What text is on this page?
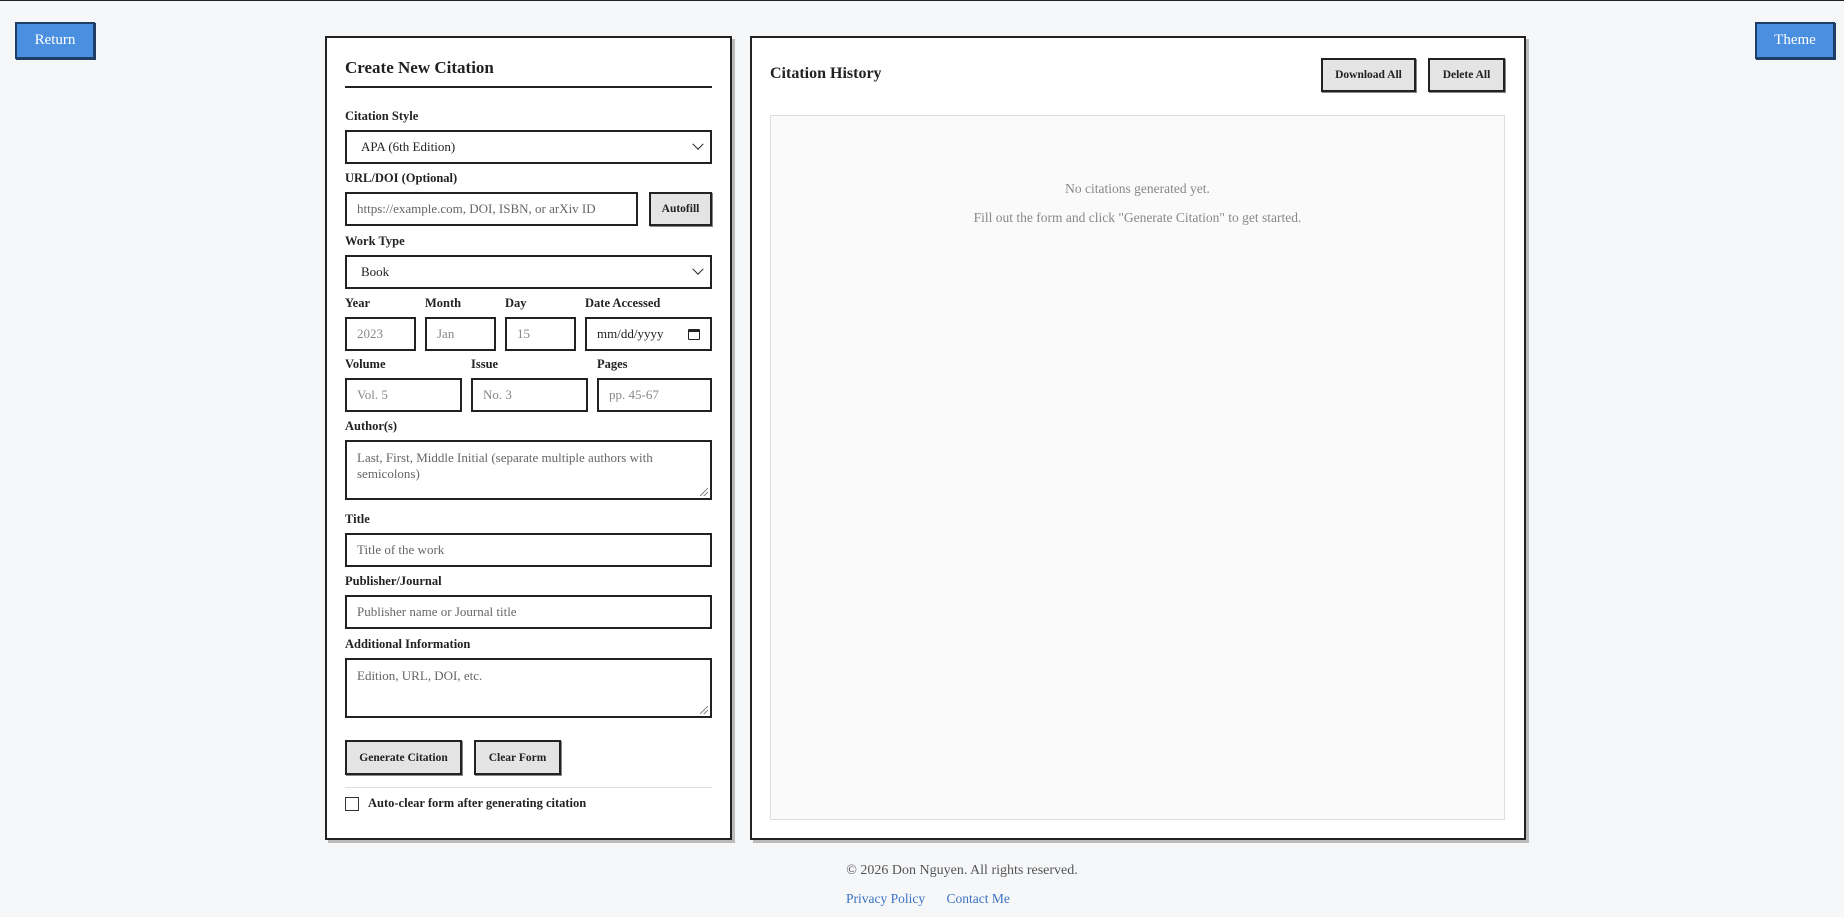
Return	Theme
Create New Citation
Citation Style
APA (6th Edition)
URL/DOI (Optional)
https://example.com, DOI, ISBN, or arXiv ID	Autofill
Work Type
Book
Year	Month	Day	Date Accessed
2023	Jan	15	mm/dd/yyyy
Volume	Issue	Pages
Vol. 5	No. 3	pp. 45-67
Author(s)
Last, First, Middle Initial (separate multiple authors with semicolons)
Title
Title of the work
Publisher/Journal
Publisher name or Journal title
Additional Information
Edition, URL, DOI, etc.
Generate Citation	Clear Form
Auto-clear form after generating citation
Citation History	Download All	Delete All
No citations generated yet.
Fill out the form and click "Generate Citation" to get started.
© 2026 Don Nguyen. All rights reserved.
Privacy Policy Contact Me
